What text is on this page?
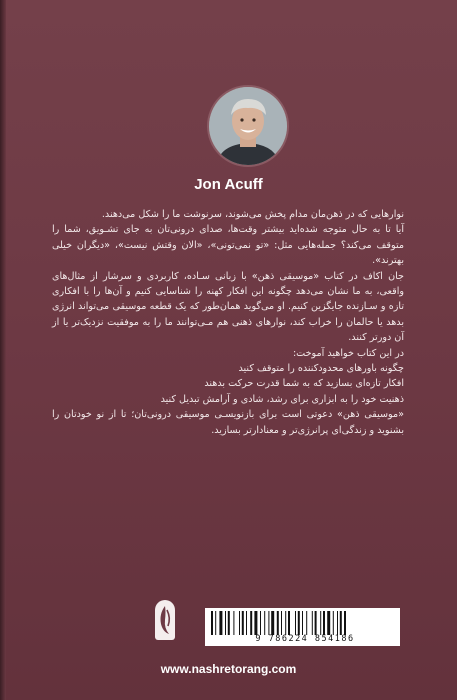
Jon Acuff

نوارهایی که در ذهن‌مان مدام پخش می‌شوند، سرنوشت ما را شکل می‌دهند.

آیا تا به حال متوجه شده‌اید بیشتر وقت‌ها، صدای درونی‌تان به جای تشـویق، شما را متوقف می‌کند؟ جمله‌هایی مثل: «تو نمی‌تونی»، «الان وقتش نیست»، «دیگران خیلی بهترند».

جان اکاف در کتاب «موسیقی ذهن» با زبانی سـاده، کاربردی و سرشار از مثال‌های واقعی، به ما نشان می‌دهد چگونه این افکار کهنه را شناسایی کنیم و آن‌ها را با افکاری تازه و سـازنده جایگزین کنیم. او می‌گوید همان‌طور که یک قطعه موسیقی می‌تواند انرژی بدهد یا حالمان را خراب کند، نوارهای ذهنی هم مـی‌توانند ما را به موفقیت نزدیک‌تر یا از آن دورتر کنند.

در این کتاب خواهید آموخت:

چگونه باورهای محدودکننده را متوقف کنید

افکار تازه‌ای بسازید که به شما قدرت حرکت بدهند

ذهنیت خود را به ابزاری برای رشد، شادی و آرامش تبدیل کنید

«موسیقی ذهن» دعوتی است برای بازنویسـی موسیقی درونی‌تان؛ تا از نو خودتان را بشنوید و زندگی‌ای پرانرژی‌تر و معنادارتر بسازید.

9 786224 854186
www.nashretorang.com
